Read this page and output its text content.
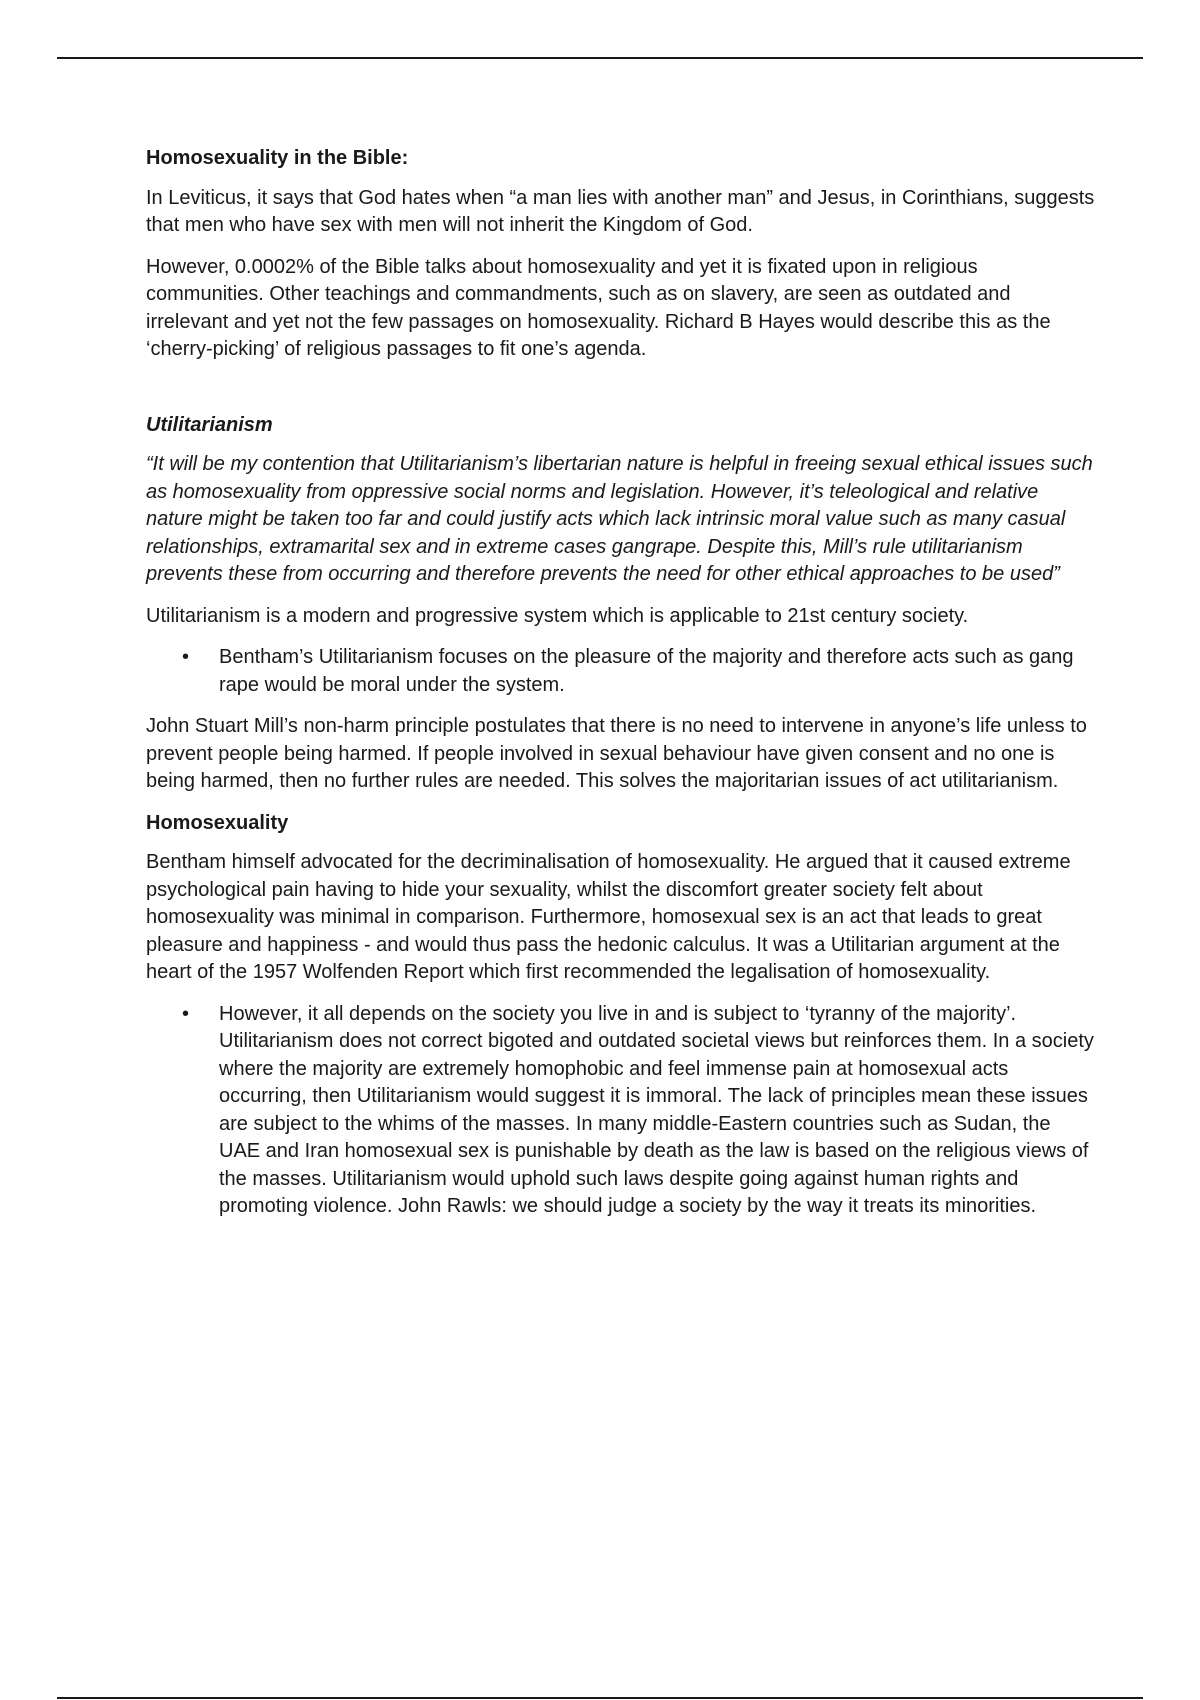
Homosexuality in the Bible:

In Leviticus, it says that God hates when “a man lies with another man” and Jesus, in Corinthians, suggests that men who have sex with men will not inherit the Kingdom of God.

However, 0.0002% of the Bible talks about homosexuality and yet it is fixated upon in religious communities. Other teachings and commandments, such as on slavery, are seen as outdated and irrelevant and yet not the few passages on homosexuality. Richard B Hayes would describe this as the ‘cherry-picking’ of religious passages to fit one’s agenda.

Utilitarianism

“It will be my contention that Utilitarianism’s libertarian nature is helpful in freeing sexual ethical issues such as homosexuality from oppressive social norms and legislation. However, it’s teleological and relative nature might be taken too far and could justify acts which lack intrinsic moral value such as many casual relationships, extramarital sex and in extreme cases gangrape. Despite this, Mill’s rule utilitarianism prevents these from occurring and therefore prevents the need for other ethical approaches to be used”

Utilitarianism is a modern and progressive system which is applicable to 21st century society.

• Bentham’s Utilitarianism focuses on the pleasure of the majority and therefore acts such as gang rape would be moral under the system.

John Stuart Mill’s non-harm principle postulates that there is no need to intervene in anyone’s life unless to prevent people being harmed. If people involved in sexual behaviour have given consent and no one is being harmed, then no further rules are needed. This solves the majoritarian issues of act utilitarianism.

Homosexuality

Bentham himself advocated for the decriminalisation of homosexuality. He argued that it caused extreme psychological pain having to hide your sexuality, whilst the discomfort greater society felt about homosexuality was minimal in comparison. Furthermore, homosexual sex is an act that leads to great pleasure and happiness - and would thus pass the hedonic calculus. It was a Utilitarian argument at the heart of the 1957 Wolfenden Report which first recommended the legalisation of homosexuality.

• However, it all depends on the society you live in and is subject to ‘tyranny of the majority’. Utilitarianism does not correct bigoted and outdated societal views but reinforces them. In a society where the majority are extremely homophobic and feel immense pain at homosexual acts occurring, then Utilitarianism would suggest it is immoral. The lack of principles mean these issues are subject to the whims of the masses. In many middle-Eastern countries such as Sudan, the UAE and Iran homosexual sex is punishable by death as the law is based on the religious views of the masses. Utilitarianism would uphold such laws despite going against human rights and promoting violence. John Rawls: we should judge a society by the way it treats its minorities.
